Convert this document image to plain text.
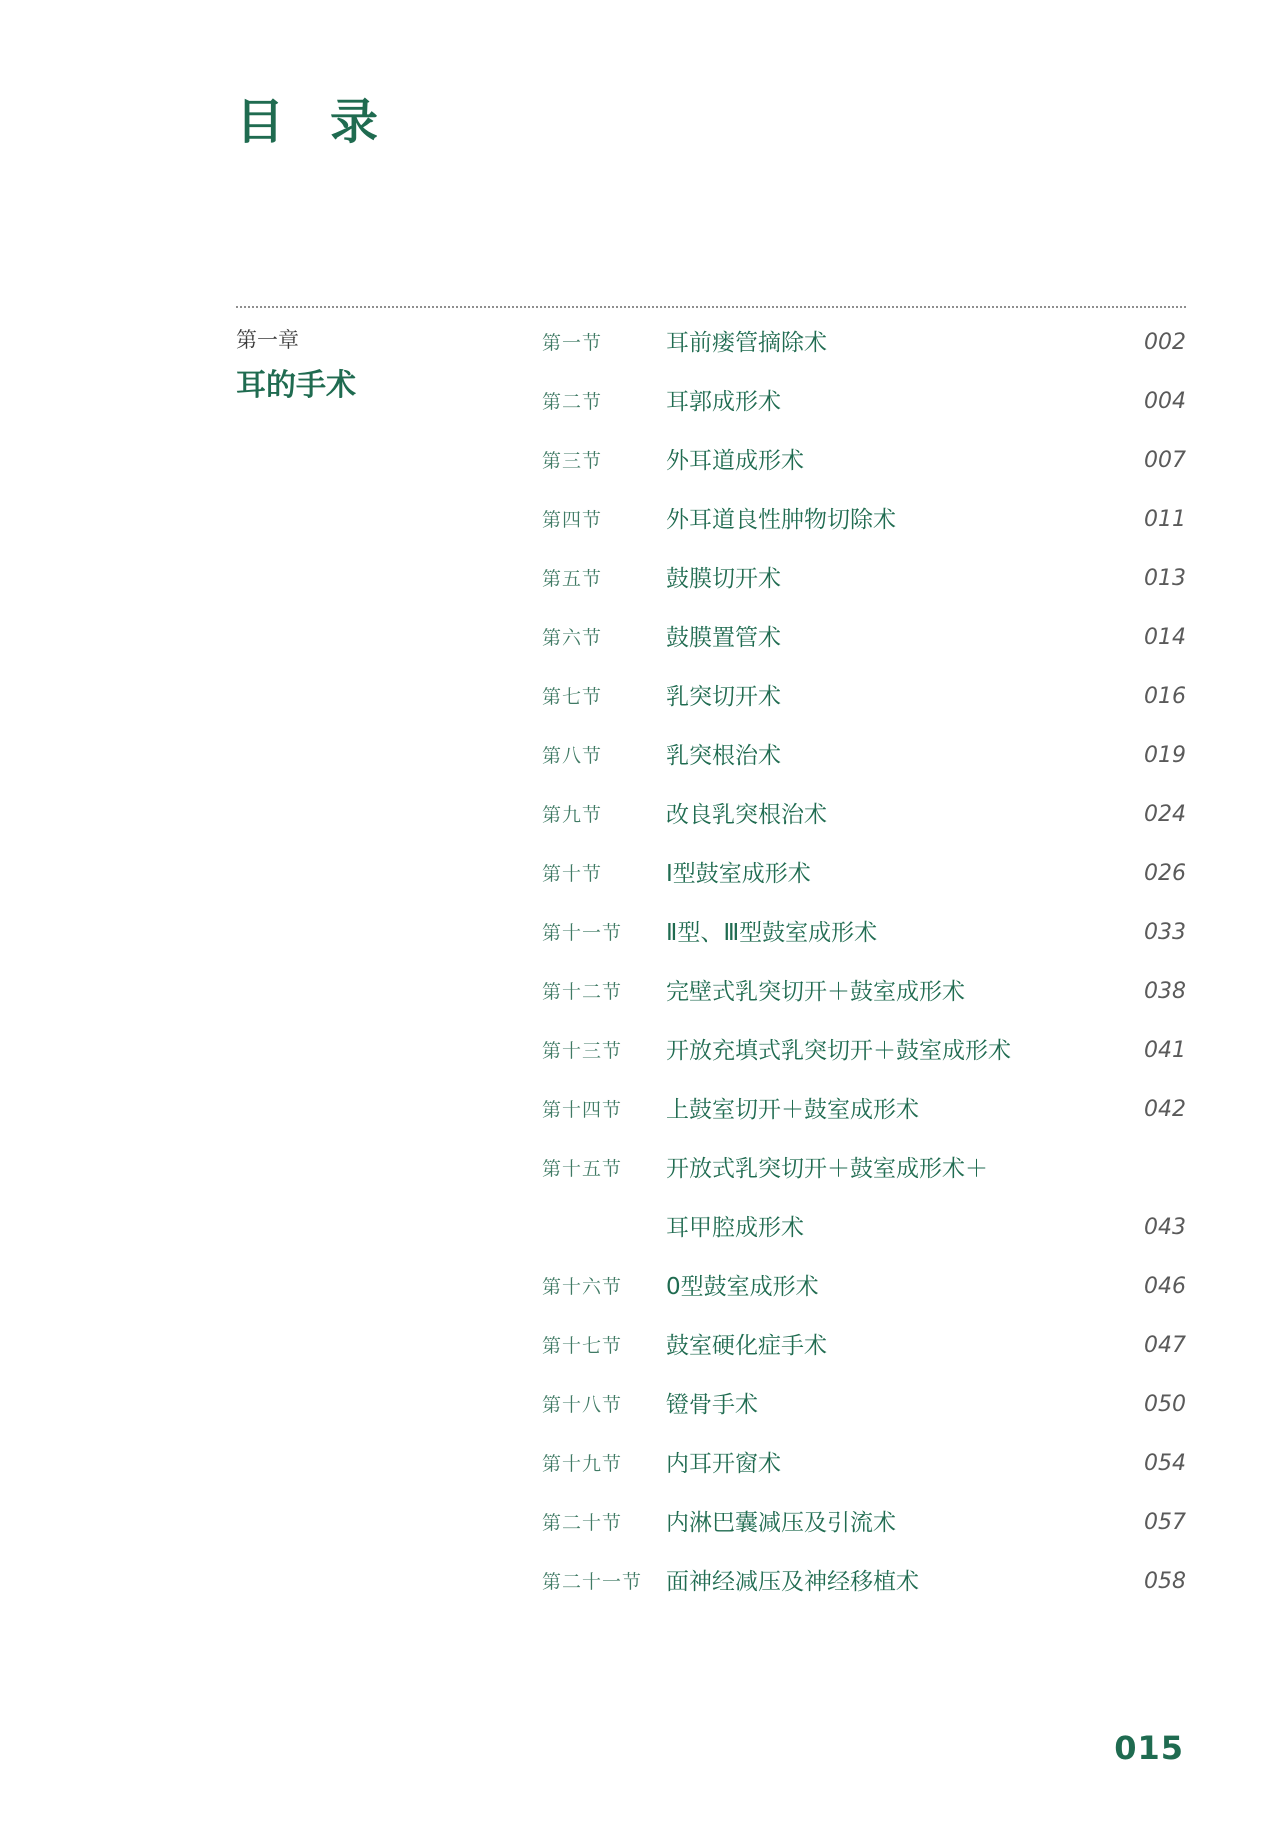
目录
第一章
耳的手术
第一节	耳前瘘管摘除术	002
第二节	耳郭成形术	004
第三节	外耳道成形术	007
第四节	外耳道良性肿物切除术	011
第五节	鼓膜切开术	013
第六节	鼓膜置管术	014
第七节	乳突切开术	016
第八节	乳突根治术	019
第九节	改良乳突根治术	024
第十节	Ⅰ型鼓室成形术	026
第十一节 Ⅱ型、Ⅲ型鼓室成形术	033
第十二节 完壁式乳突切开＋鼓室成形术	038
第十三节 开放充填式乳突切开＋鼓室成形术	041
第十四节 上鼓室切开＋鼓室成形术	042
第十五节 开放式乳突切开＋鼓室成形术＋
耳甲腔成形术	043
第十六节 0型鼓室成形术	046
第十七节 鼓室硬化症手术	047
第十八节 镫骨手术	050
第十九节 内耳开窗术	054
第二十节 内淋巴囊减压及引流术	057
第二十一节 面神经减压及神经移植术	058
015
